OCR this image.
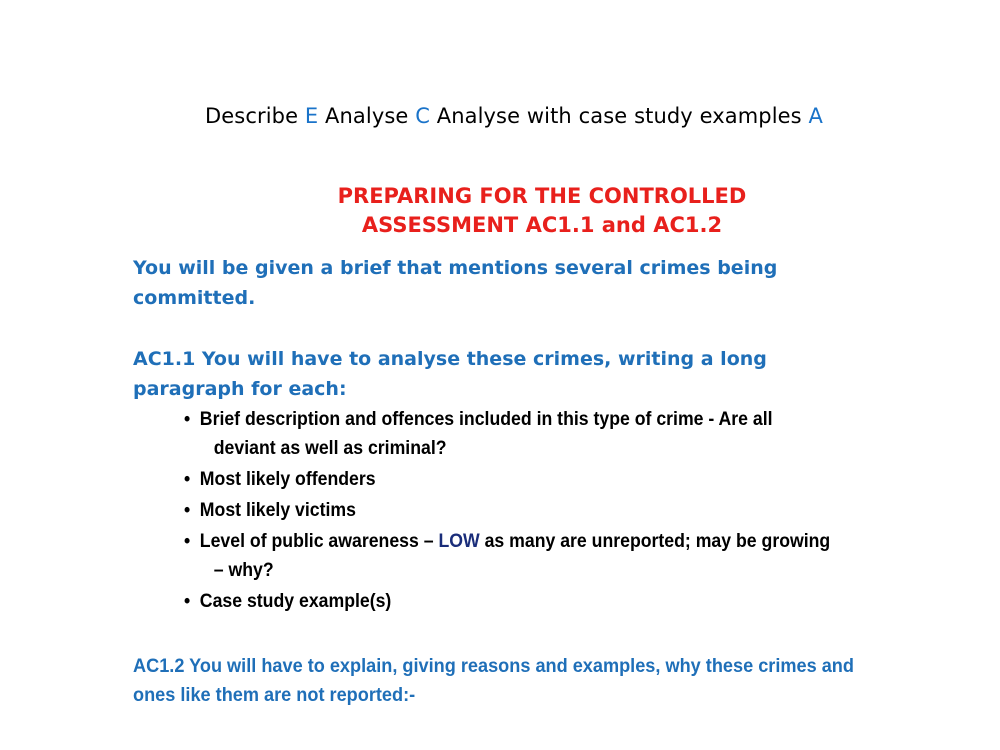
Describe E Analyse C Analyse with case study examples A
PREPARING FOR THE CONTROLLED
ASSESSMENT AC1.1 and AC1.2
You will be given a brief that mentions several crimes being
committed.
AC1.1 You will have to analyse these crimes, writing a long
paragraph for each:
• Brief description and offences included in this type of crime - Are all
deviant as well as criminal?
• Most likely offenders
• Most likely victims
• Level of public awareness – LOW as many are unreported; may be growing
– why?
• Case study example(s)
AC1.2 You will have to explain, giving reasons and examples, why these crimes and
ones like them are not reported:-
